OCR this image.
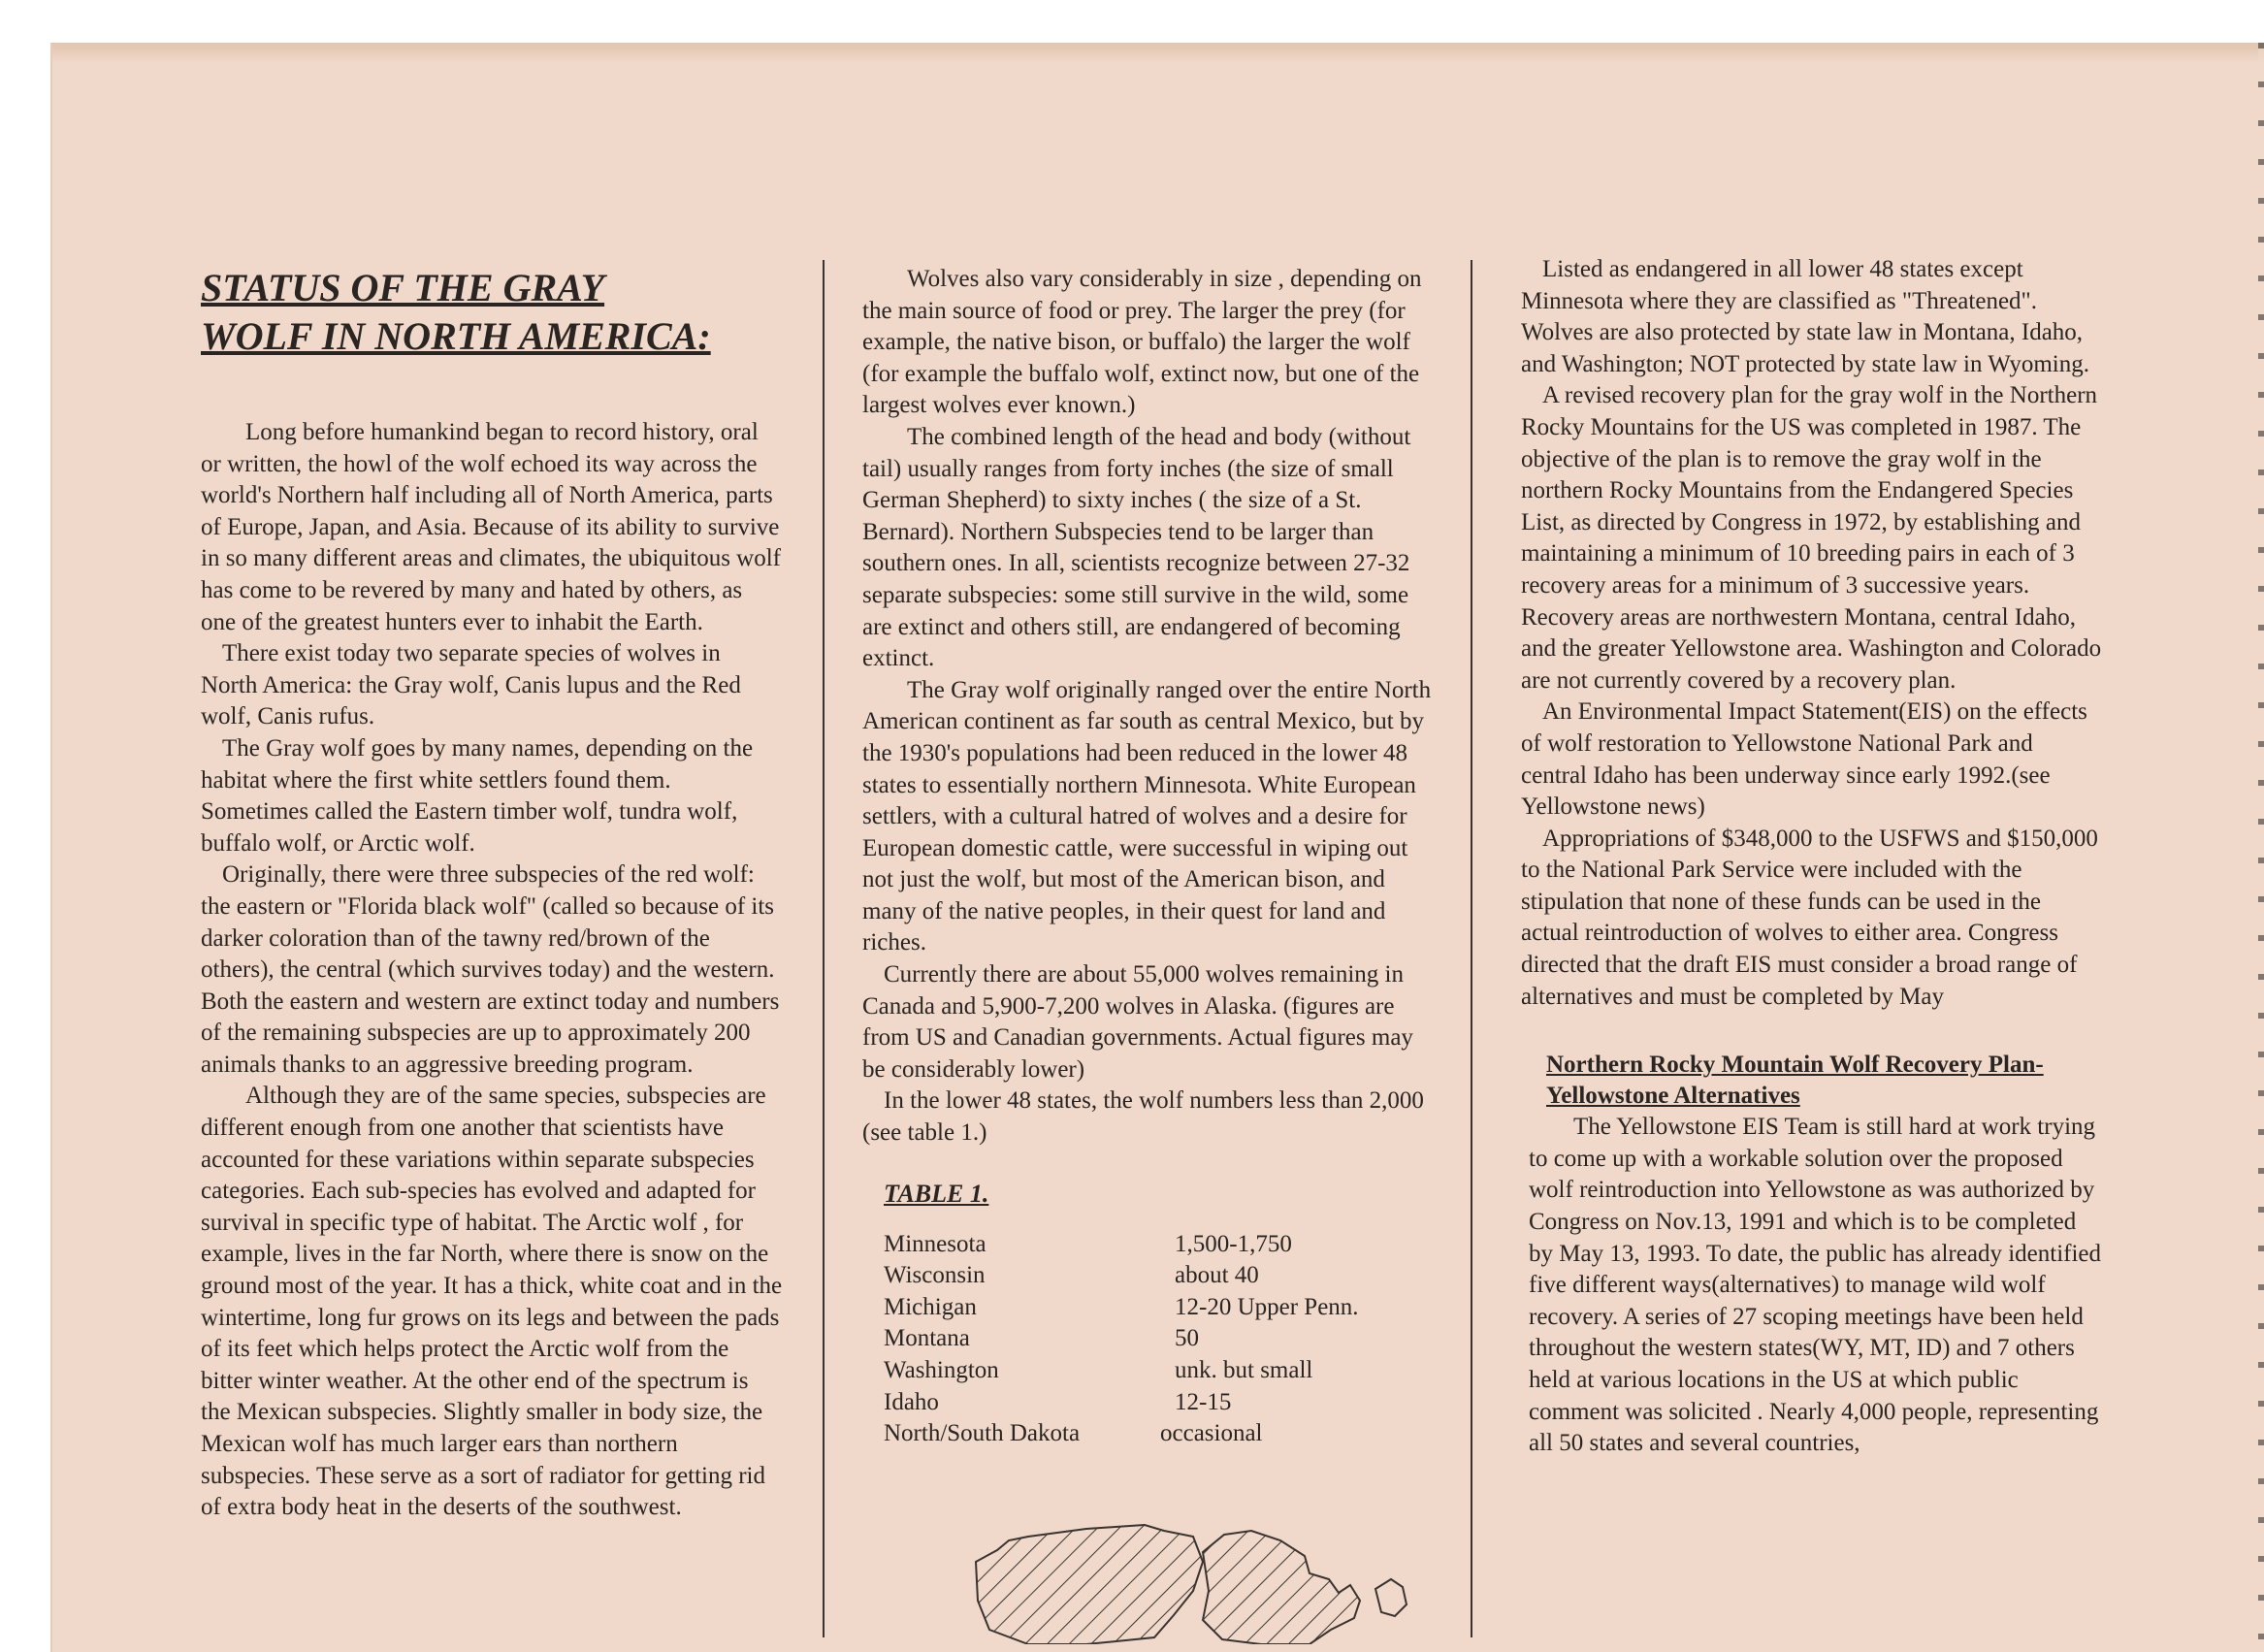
STATUS OF THE GRAY
WOLF IN NORTH AMERICA:

Long before humankind began to record history, oral or written, the howl of the wolf echoed its way across the world's Northern half including all of North America, parts of Europe, Japan, and Asia. Because of its ability to survive in so many different areas and climates, the ubiquitous wolf has come to be revered by many and hated by others, as one of the greatest hunters ever to inhabit the Earth.

There exist today two separate species of wolves in North America: the Gray wolf, Canis lupus and the Red wolf, Canis rufus.

The Gray wolf goes by many names, depending on the habitat where the first white settlers found them. Sometimes called the Eastern timber wolf, tundra wolf, buffalo wolf, or Arctic wolf.

Originally, there were three subspecies of the red wolf: the eastern or "Florida black wolf" (called so because of its darker coloration than of the tawny red/brown of the others), the central (which survives today) and the western. Both the eastern and western are extinct today and numbers of the remaining subspecies are up to approximately 200 animals thanks to an aggressive breeding program.

Although they are of the same species, subspecies are different enough from one another that scientists have accounted for these variations within separate subspecies categories. Each sub-species has evolved and adapted for survival in specific type of habitat. The Arctic wolf , for example, lives in the far North, where there is snow on the ground most of the year. It has a thick, white coat and in the wintertime, long fur grows on its legs and between the pads of its feet which helps protect the Arctic wolf from the bitter winter weather. At the other end of the spectrum is the Mexican subspecies. Slightly smaller in body size, the Mexican wolf has much larger ears than northern subspecies. These serve as a sort of radiator for getting rid of extra body heat in the deserts of the southwest.

Wolves also vary considerably in size , depending on the main source of food or prey. The larger the prey (for example, the native bison, or buffalo) the larger the wolf (for example the buffalo wolf, extinct now, but one of the largest wolves ever known.)

The combined length of the head and body (without tail) usually ranges from forty inches (the size of small German Shepherd) to sixty inches ( the size of a St. Bernard). Northern Subspecies tend to be larger than southern ones. In all, scientists recognize between 27-32 separate subspecies: some still survive in the wild, some are extinct and others still, are endangered of becoming extinct.

The Gray wolf originally ranged over the entire North American continent as far south as central Mexico, but by the 1930's populations had been reduced in the lower 48 states to essentially northern Minnesota. White European settlers, with a cultural hatred of wolves and a desire for European domestic cattle, were successful in wiping out not just the wolf, but most of the American bison, and many of the native peoples, in their quest for land and riches.

Currently there are about 55,000 wolves remaining in Canada and 5,900-7,200 wolves in Alaska. (figures are from US and Canadian governments. Actual figures may be considerably lower)

In the lower 48 states, the wolf numbers less than 2,000 (see table 1.)

TABLE 1.
Minnesota	1,500-1,750
Wisconsin	about 40
Michigan	12-20 Upper Penn.
Montana	50
Washington	unk. but small
Idaho	12-15
North/South Dakota	occasional

Listed as endangered in all lower 48 states except Minnesota where they are classified as "Threatened". Wolves are also protected by state law in Montana, Idaho, and Washington; NOT protected by state law in Wyoming.

A revised recovery plan for the gray wolf in the Northern Rocky Mountains for the US was completed in 1987. The objective of the plan is to remove the gray wolf in the northern Rocky Mountains from the Endangered Species List, as directed by Congress in 1972, by establishing and maintaining a minimum of 10 breeding pairs in each of 3 recovery areas for a minimum of 3 successive years. Recovery areas are northwestern Montana, central Idaho, and the greater Yellowstone area. Washington and Colorado are not currently covered by a recovery plan.

An Environmental Impact Statement(EIS) on the effects of wolf restoration to Yellowstone National Park and central Idaho has been underway since early 1992.(see Yellowstone news)

Appropriations of $348,000 to the USFWS and $150,000 to the National Park Service were included with the stipulation that none of these funds can be used in the actual reintroduction of wolves to either area. Congress directed that the draft EIS must consider a broad range of alternatives and must be completed by May

Northern Rocky Mountain Wolf Recovery Plan-
Yellowstone Alternatives

The Yellowstone EIS Team is still hard at work trying to come up with a workable solution over the proposed wolf reintroduction into Yellowstone as was authorized by Congress on Nov.13, 1991 and which is to be completed by May 13, 1993. To date, the public has already identified five different ways(alternatives) to manage wild wolf recovery. A series of 27 scoping meetings have been held throughout the western states(WY, MT, ID) and 7 others held at various locations in the US at which public comment was solicited . Nearly 4,000 people, representing all 50 states and several countries,
